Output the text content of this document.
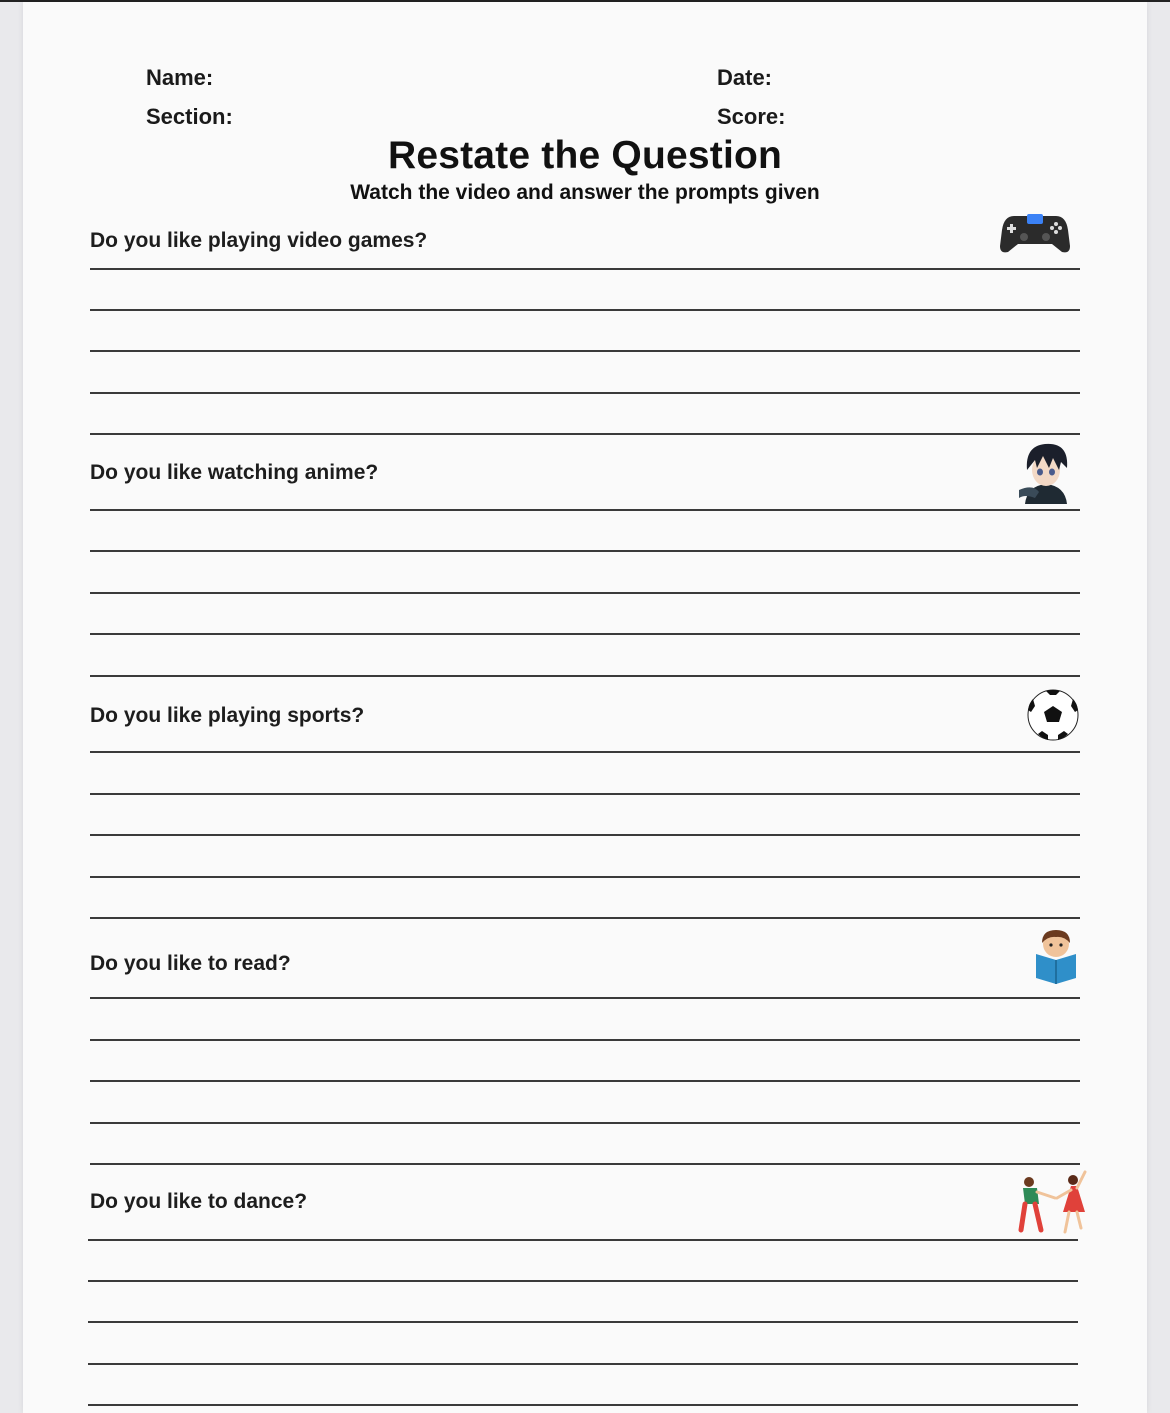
Name:	Date:
Section:	Score:
Restate the Question
Watch the video and answer the prompts given
Do you like playing video games?
Do you like watching anime?
Do you like playing sports?
Do you like to read?
Do you like to dance?
